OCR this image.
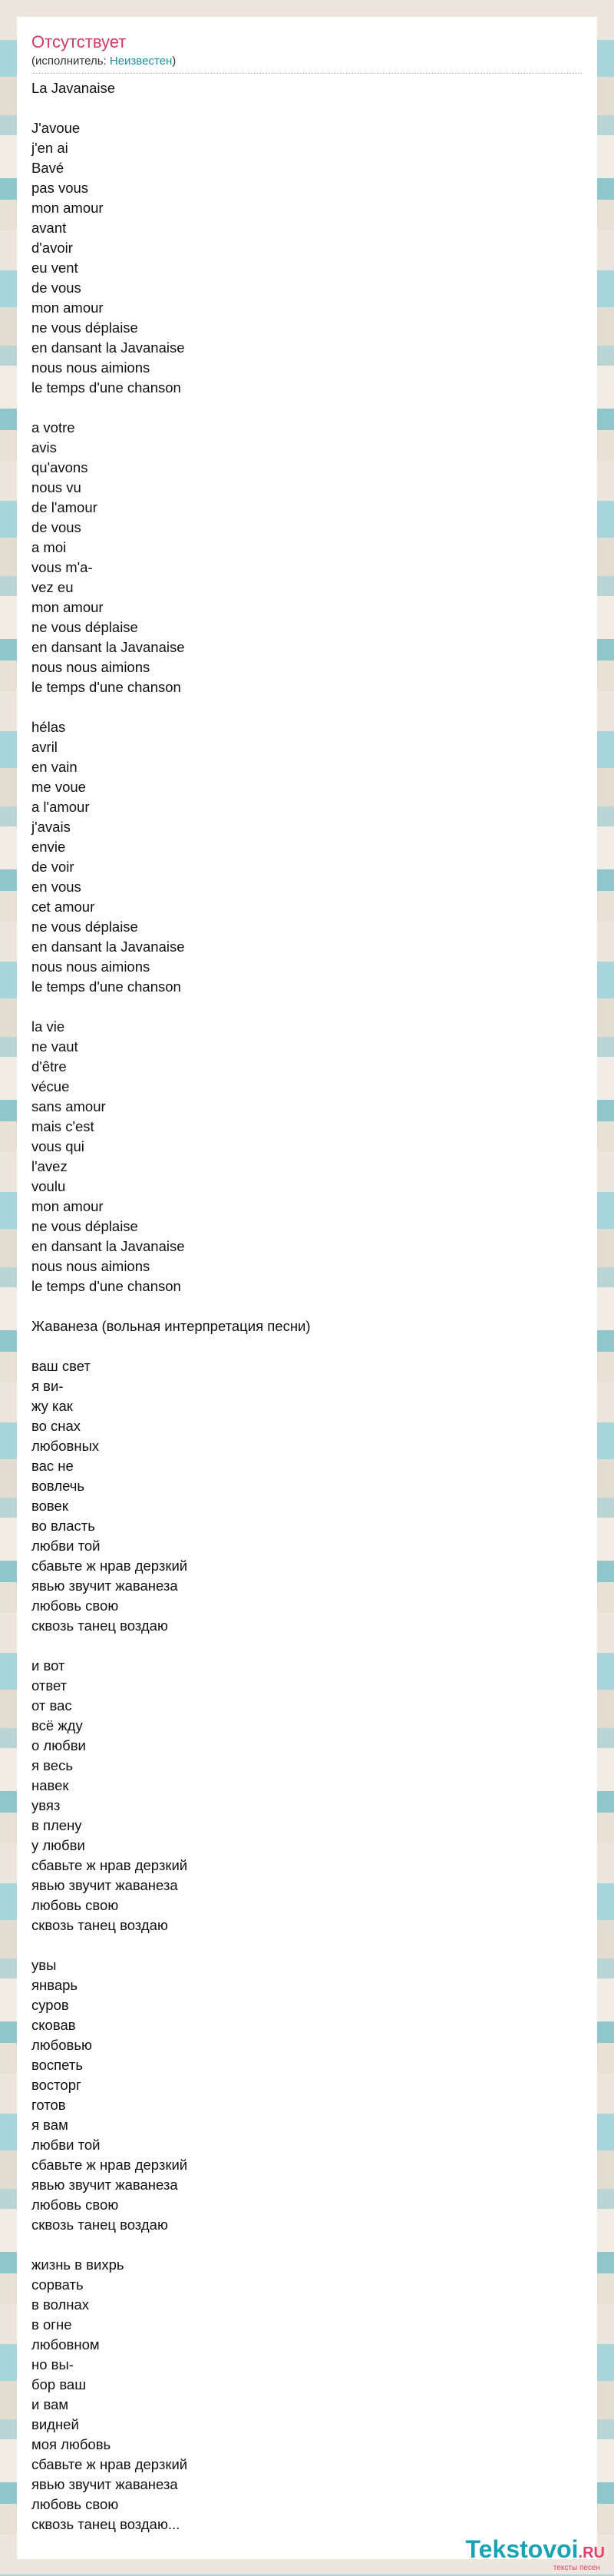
Отсутствует
(исполнитель: Неизвестен)
La Javanaise

J'avoue
j'en ai
Bavé
pas vous
mon amour
avant
d'avoir
eu vent
de vous
mon amour
ne vous déplaise
en dansant la Javanaise
nous nous aimions
le temps d'une chanson

a votre
avis
qu'avons
nous vu
de l'amour
de vous
a moi
vous m'a-
vez eu
mon amour
ne vous déplaise
en dansant la Javanaise
nous nous aimions
le temps d'une chanson

hélas
avril
en vain
me voue
a l'amour
j'avais
envie
de voir
en vous
cet amour
ne vous déplaise
en dansant la Javanaise
nous nous aimions
le temps d'une chanson

la vie
ne vaut
d'être
vécue
sans amour
mais c'est
vous qui
l'avez
voulu
mon amour
ne vous déplaise
en dansant la Javanaise
nous nous aimions
le temps d'une chanson

Жаванеза (вольная интерпретация песни)

ваш свет
я ви-
жу как
во снах
любовных
вас не
вовлечь
вовек
во власть
любви той
сбавьте ж нрав дерзкий
явью звучит жаванеза
любовь свою
сквозь танец воздаю

и вот
ответ
от вас
всё жду
о любви
я весь
навек
увяз
в плену
у любви
сбавьте ж нрав дерзкий
явью звучит жаванеза
любовь свою
сквозь танец воздаю

увы
январь
суров
сковав
любовью
воспеть
восторг
готов
я вам
любви той
сбавьте ж нрав дерзкий
явью звучит жаванеза
любовь свою
сквозь танец воздаю

жизнь в вихрь
сорвать
в волнах
в огне
любовном
но вы-
бор ваш
и вам
видней
моя любовь
сбавьте ж нрав дерзкий
явью звучит жаванеза
любовь свою
сквозь танец воздаю...
Tekstovoi.RU
тексты песен
